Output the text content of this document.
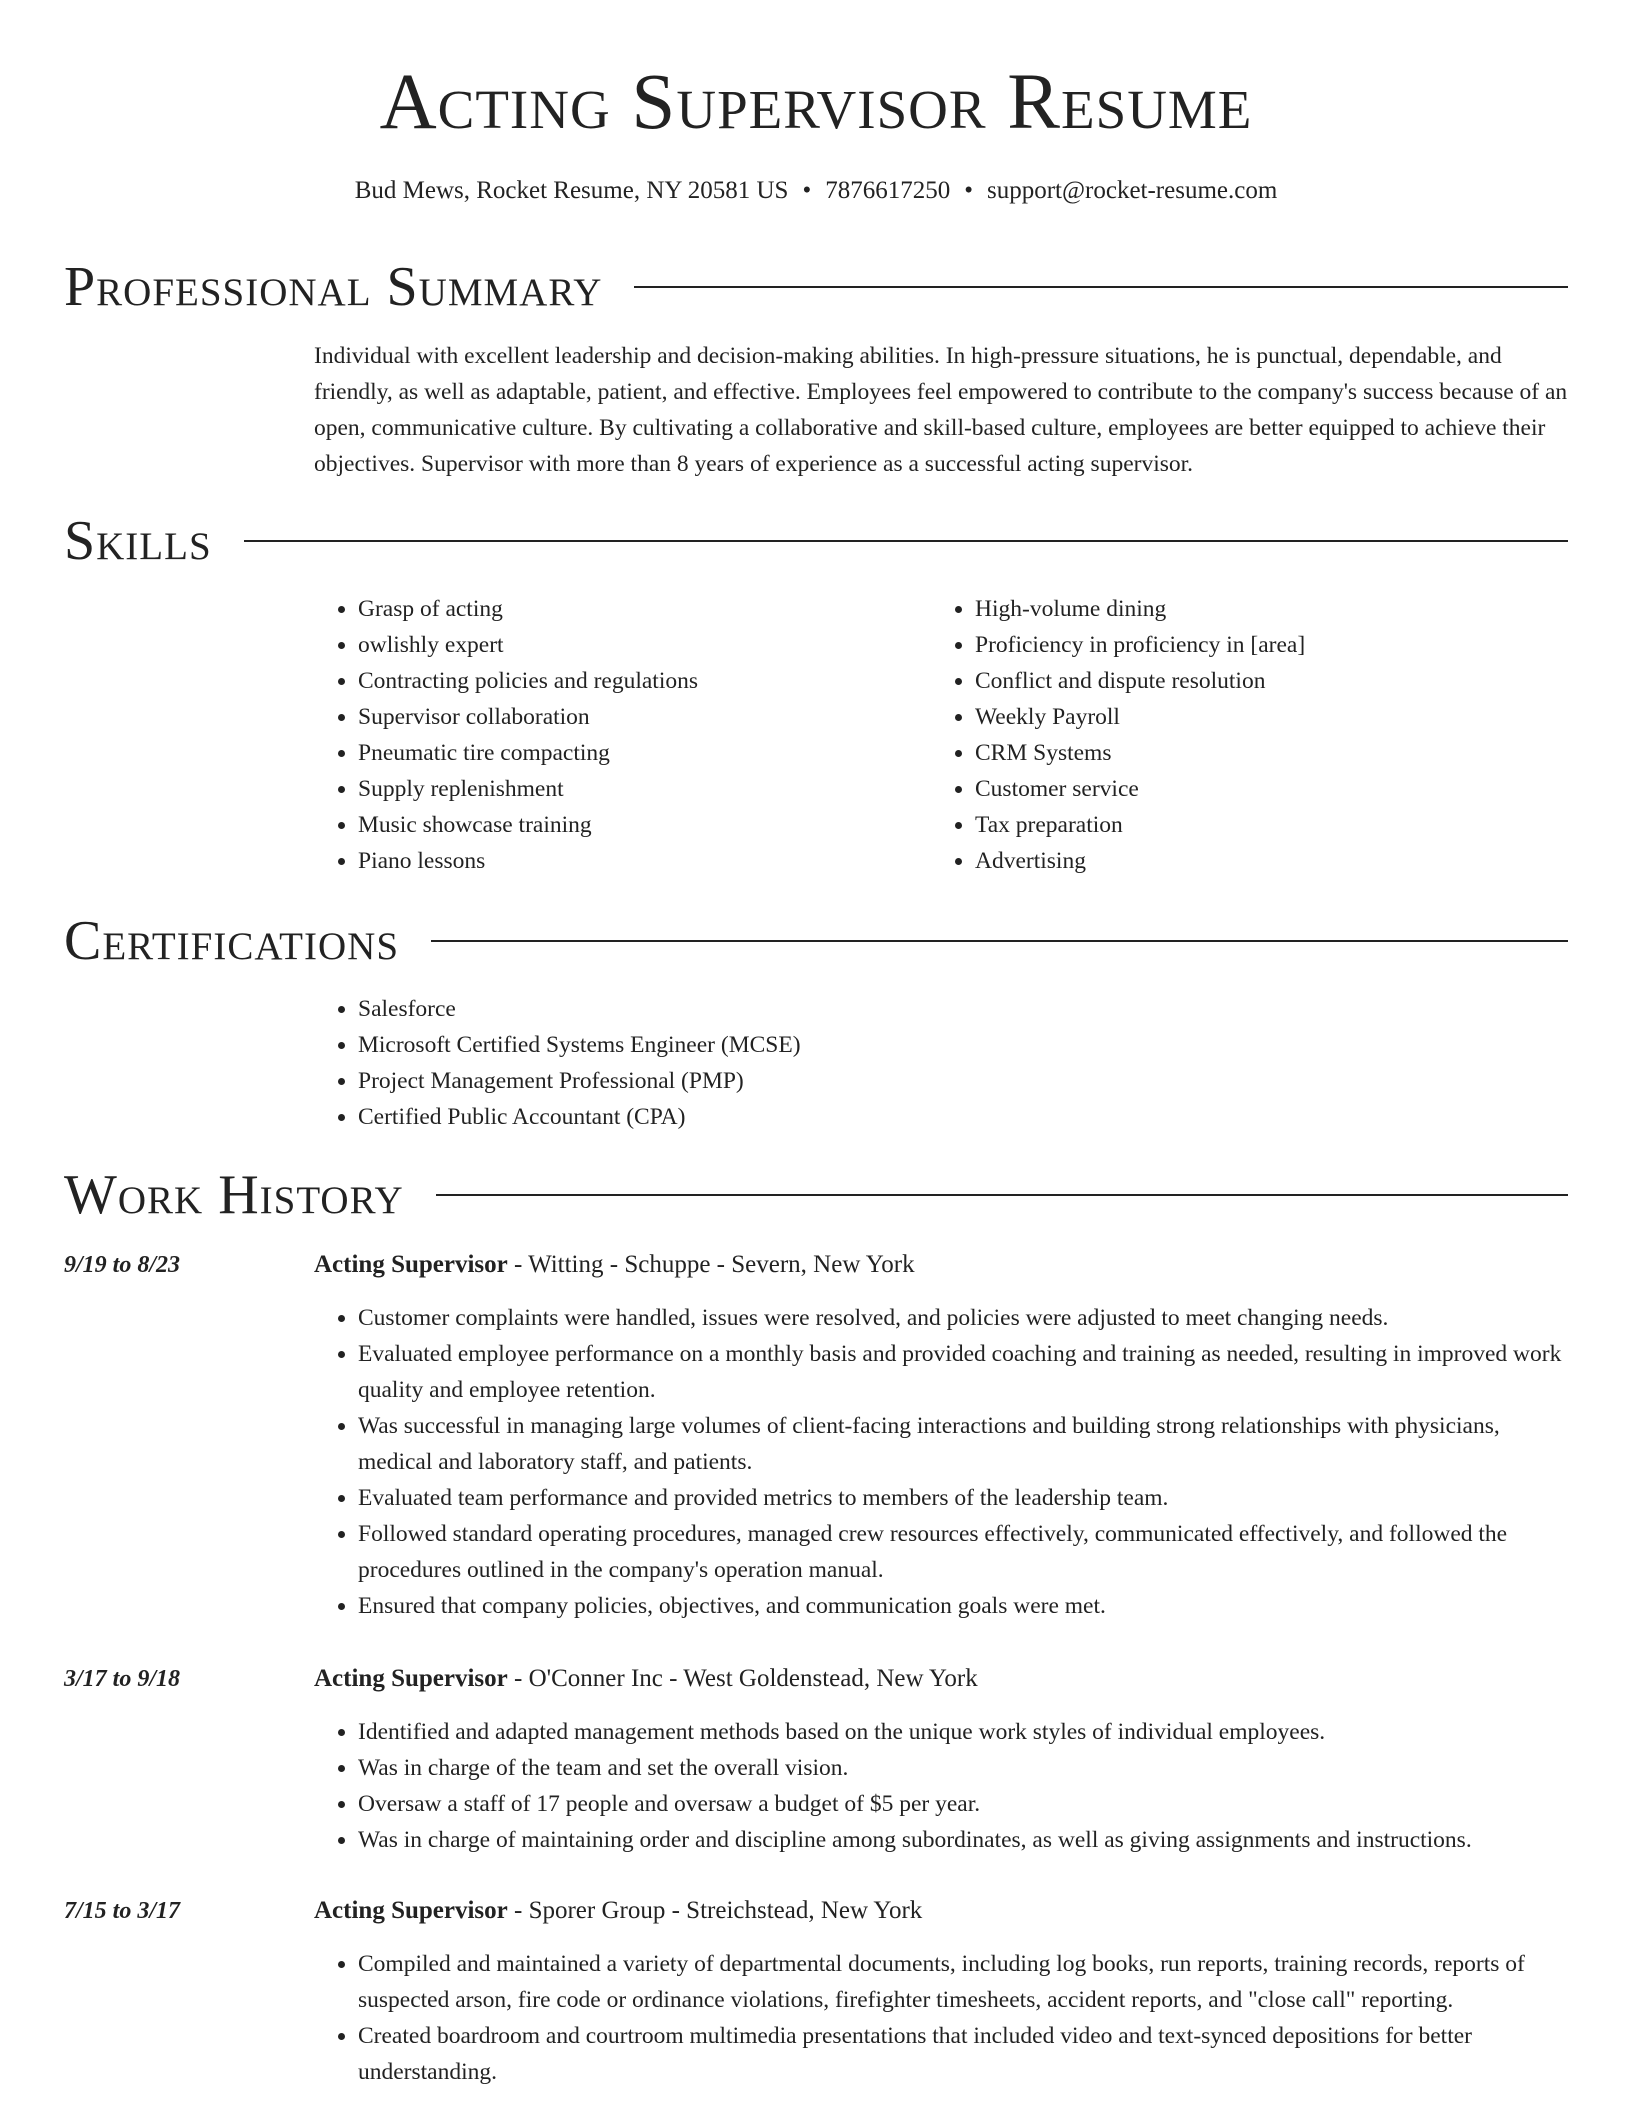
Acting Supervisor Resume
Bud Mews, Rocket Resume, NY 20581 US • 7876617250 • support@rocket-resume.com
Professional Summary

Individual with excellent leadership and decision-making abilities. In high-pressure situations, he is punctual, dependable, and friendly, as well as adaptable, patient, and effective. Employees feel empowered to contribute to the company's success because of an open, communicative culture. By cultivating a collaborative and skill-based culture, employees are better equipped to achieve their objectives. Supervisor with more than 8 years of experience as a successful acting supervisor.

Skills
• Grasp of acting
• owlishly expert
• Contracting policies and regulations
• Supervisor collaboration
• Pneumatic tire compacting
• Supply replenishment
• Music showcase training
• Piano lessons
• High-volume dining
• Proficiency in proficiency in [area]
• Conflict and dispute resolution
• Weekly Payroll
• CRM Systems
• Customer service
• Tax preparation
• Advertising
Certifications
• Salesforce
• Microsoft Certified Systems Engineer (MCSE)
• Project Management Professional (PMP)
• Certified Public Accountant (CPA)
Work History
9/19 to 8/23	Acting Supervisor - Witting - Schuppe - Severn, New York
• Customer complaints were handled, issues were resolved, and policies were adjusted to meet changing needs.
• Evaluated employee performance on a monthly basis and provided coaching and training as needed, resulting in improved work quality and employee retention.
• Was successful in managing large volumes of client-facing interactions and building strong relationships with physicians, medical and laboratory staff, and patients.
• Evaluated team performance and provided metrics to members of the leadership team.
• Followed standard operating procedures, managed crew resources effectively, communicated effectively, and followed the procedures outlined in the company's operation manual.
• Ensured that company policies, objectives, and communication goals were met.
3/17 to 9/18	Acting Supervisor - O'Conner Inc - West Goldenstead, New York
• Identified and adapted management methods based on the unique work styles of individual employees.
• Was in charge of the team and set the overall vision.
• Oversaw a staff of 17 people and oversaw a budget of $5 per year.
• Was in charge of maintaining order and discipline among subordinates, as well as giving assignments and instructions.
7/15 to 3/17	Acting Supervisor - Sporer Group - Streichstead, New York
• Compiled and maintained a variety of departmental documents, including log books, run reports, training records, reports of suspected arson, fire code or ordinance violations, firefighter timesheets, accident reports, and "close call" reporting.
• Created boardroom and courtroom multimedia presentations that included video and text-synced depositions for better understanding.
